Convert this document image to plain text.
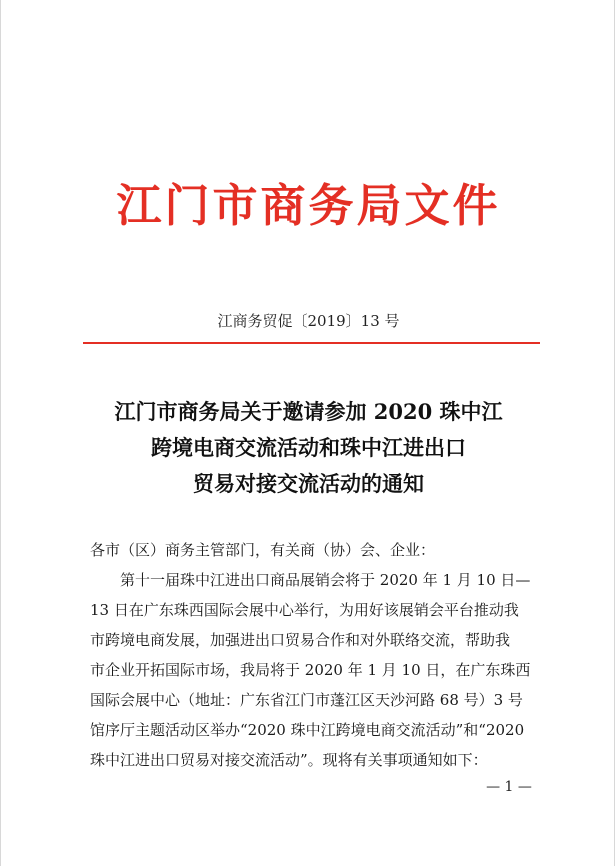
江门市商务局文件
江商务贸促〔2019〕13 号
江门市商务局关于邀请参加 2020 珠中江
跨境电商交流活动和珠中江进出口
贸易对接交流活动的通知
各市（区）商务主管部门，有关商（协）会、企业：
第十一届珠中江进出口商品展销会将于 2020 年 1 月 10 日—
13 日在广东珠西国际会展中心举行，为用好该展销会平台推动我
市跨境电商发展，加强进出口贸易合作和对外联络交流，帮助我
市企业开拓国际市场，我局将于 2020 年 1 月 10 日，在广东珠西
国际会展中心（地址：广东省江门市蓬江区天沙河路 68 号）3 号
馆序厅主题活动区举办“2020 珠中江跨境电商交流活动”和“2020
珠中江进出口贸易对接交流活动”。现将有关事项通知如下：
— 1 —
